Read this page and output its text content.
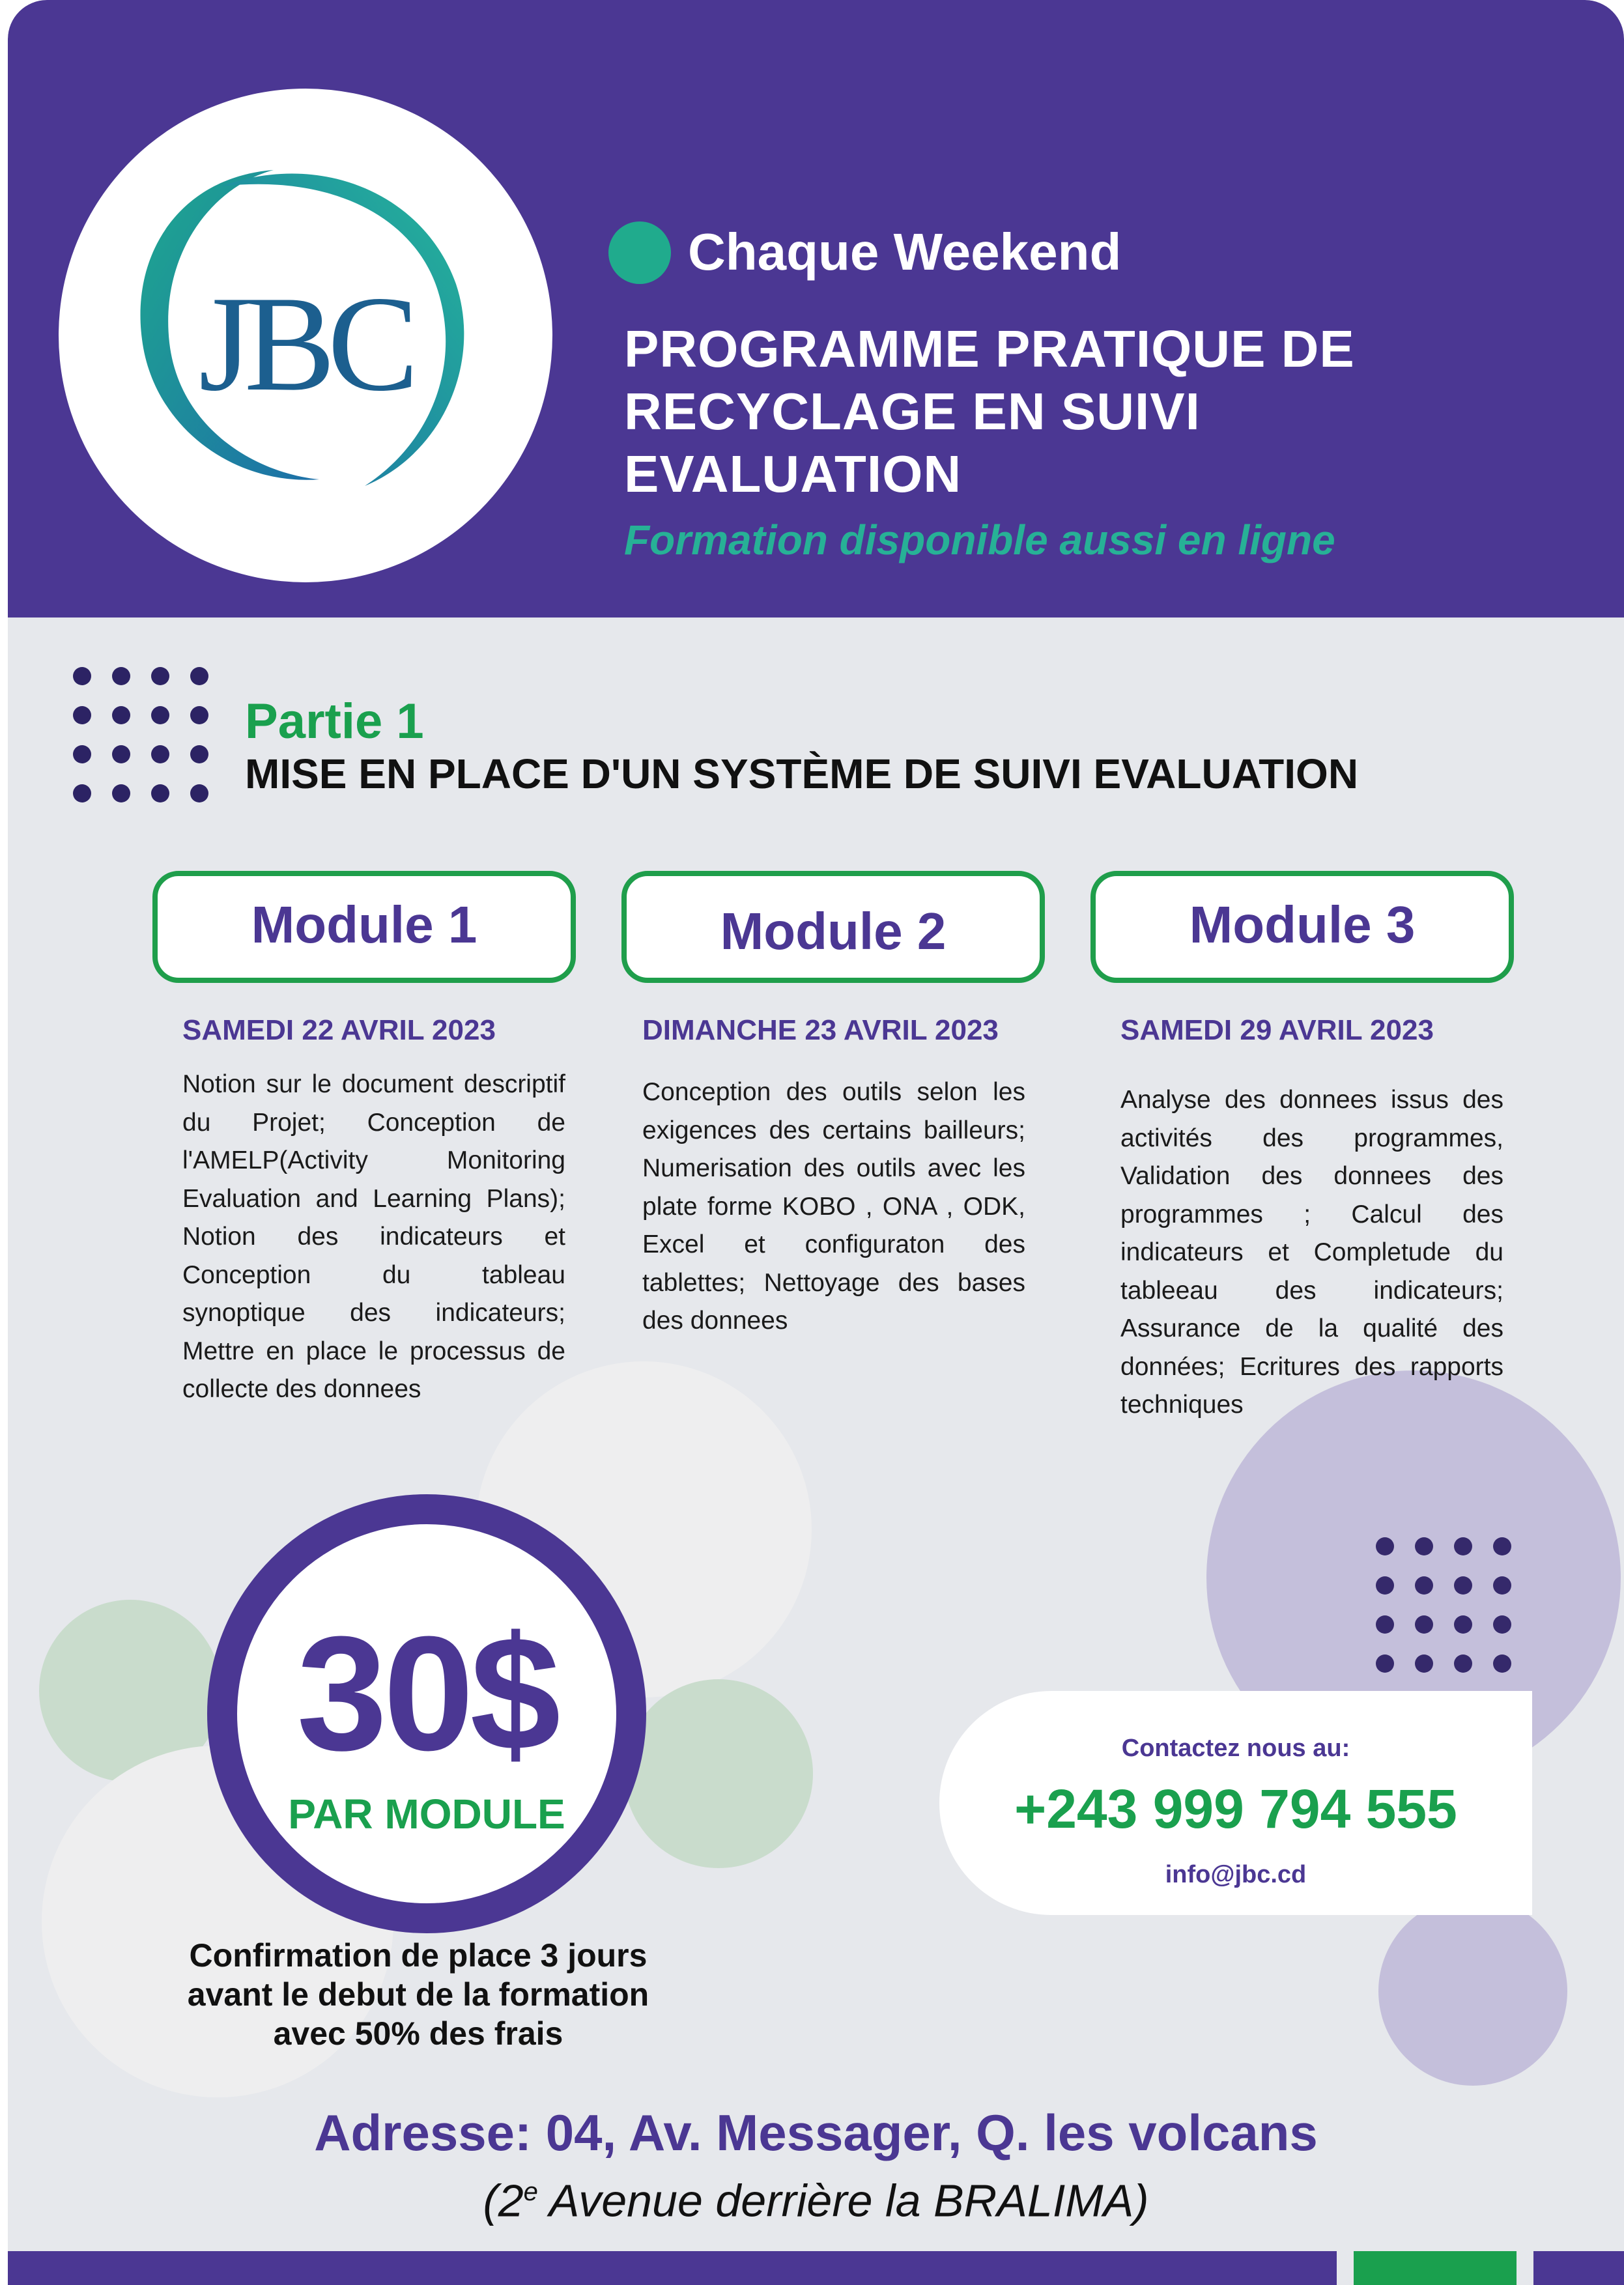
JBC
Chaque Weekend
PROGRAMME PRATIQUE DE RECYCLAGE EN SUIVI EVALUATION
Formation disponible aussi en ligne
Partie 1
MISE EN PLACE D'UN SYSTÈME DE SUIVI EVALUATION
Module 1	Module 2	Module 3
SAMEDI 22 AVRIL 2023	DIMANCHE 23 AVRIL 2023	SAMEDI 29 AVRIL 2023
Notion sur le document descriptif du Projet; Conception de l'AMELP(Activity Monitoring Evaluation and Learning Plans); Notion des indicateurs et Conception du tableau synoptique des indicateurs; Mettre en place le processus de collecte des donnees
Conception des outils selon les exigences des certains bailleurs; Numerisation des outils avec les plate forme KOBO , ONA , ODK, Excel et configuraton des tablettes; Nettoyage des bases des donnees
Analyse des donnees issus des activités des programmes, Validation des donnees des programmes ; Calcul des indicateurs et Completude du tableeau des indicateurs; Assurance de la qualité des données; Ecritures des rapports techniques
30$
PAR MODULE
Confirmation de place 3 jours avant le debut de la formation avec 50% des frais
Contactez nous au:
+243 999 794 555
info@jbc.cd
Adresse: 04, Av. Messager, Q. les volcans
(2e Avenue derrière la BRALIMA)
